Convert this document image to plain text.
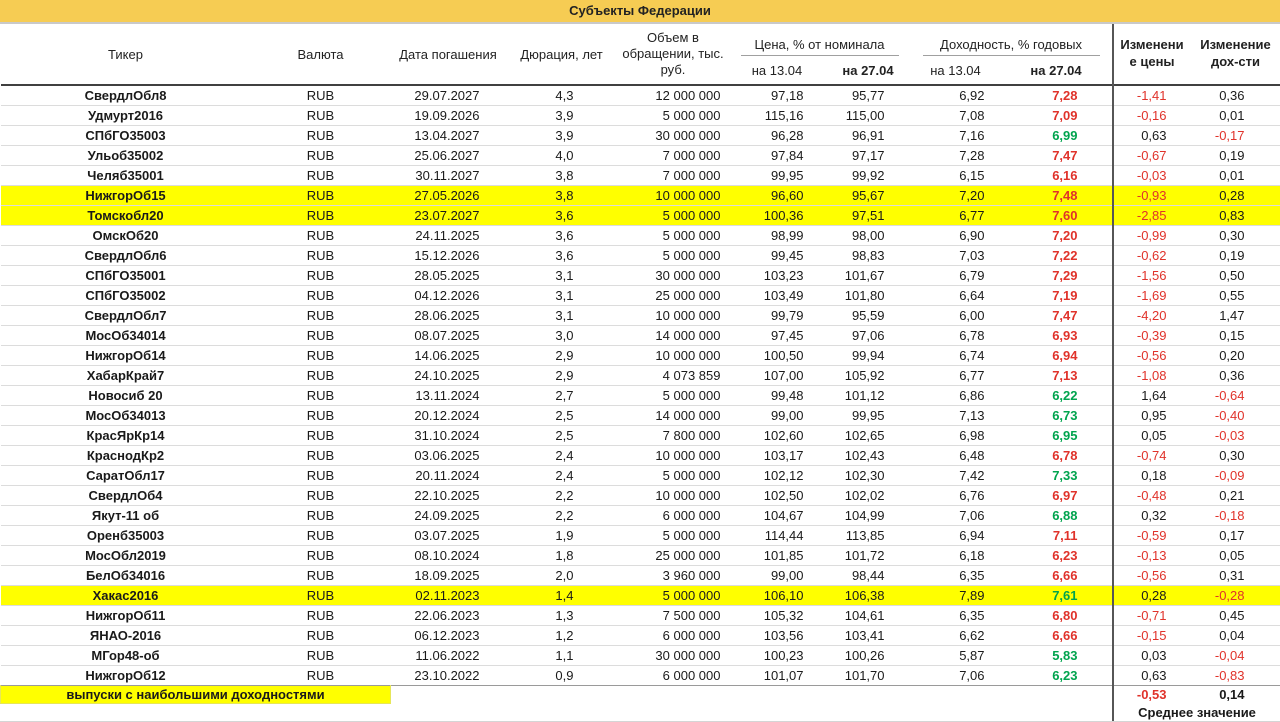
Субъекты Федерации
Тикер	Валюта	Дата погашения	Дюрация, лет	Объем в обращении, тыс. руб.	Цена, % от номинала		Доходность, % годовых		Изменение цены	Изменение дох-сти
					на 13.04	на 27.04	на 13.04	на 27.04		
СвердлОбл8	RUB	29.07.2027	4,3	12 000 000	97,18	95,77	6,92	7,28	-1,41	0,36
Удмурт2016	RUB	19.09.2026	3,9	5 000 000	115,16	115,00	7,08	7,09	-0,16	0,01
СПбГО35003	RUB	13.04.2027	3,9	30 000 000	96,28	96,91	7,16	6,99	0,63	-0,17
Ульоб35002	RUB	25.06.2027	4,0	7 000 000	97,84	97,17	7,28	7,47	-0,67	0,19
Челяб35001	RUB	30.11.2027	3,8	7 000 000	99,95	99,92	6,15	6,16	-0,03	0,01
НижгорОб15	RUB	27.05.2026	3,8	10 000 000	96,60	95,67	7,20	7,48	-0,93	0,28
Томскобл20	RUB	23.07.2027	3,6	5 000 000	100,36	97,51	6,77	7,60	-2,85	0,83
ОмскОб20	RUB	24.11.2025	3,6	5 000 000	98,99	98,00	6,90	7,20	-0,99	0,30
СвердлОбл6	RUB	15.12.2026	3,6	5 000 000	99,45	98,83	7,03	7,22	-0,62	0,19
СПбГО35001	RUB	28.05.2025	3,1	30 000 000	103,23	101,67	6,79	7,29	-1,56	0,50
СПбГО35002	RUB	04.12.2026	3,1	25 000 000	103,49	101,80	6,64	7,19	-1,69	0,55
СвердлОбл7	RUB	28.06.2025	3,1	10 000 000	99,79	95,59	6,00	7,47	-4,20	1,47
МосОб34014	RUB	08.07.2025	3,0	14 000 000	97,45	97,06	6,78	6,93	-0,39	0,15
НижгорОб14	RUB	14.06.2025	2,9	10 000 000	100,50	99,94	6,74	6,94	-0,56	0,20
ХабарКрай7	RUB	24.10.2025	2,9	4 073 859	107,00	105,92	6,77	7,13	-1,08	0,36
Новосиб 20	RUB	13.11.2024	2,7	5 000 000	99,48	101,12	6,86	6,22	1,64	-0,64
МосОб34013	RUB	20.12.2024	2,5	14 000 000	99,00	99,95	7,13	6,73	0,95	-0,40
КрасЯрКр14	RUB	31.10.2024	2,5	7 800 000	102,60	102,65	6,98	6,95	0,05	-0,03
КраснодКр2	RUB	03.06.2025	2,4	10 000 000	103,17	102,43	6,48	6,78	-0,74	0,30
СаратОбл17	RUB	20.11.2024	2,4	5 000 000	102,12	102,30	7,42	7,33	0,18	-0,09
СвердлОб4	RUB	22.10.2025	2,2	10 000 000	102,50	102,02	6,76	6,97	-0,48	0,21
Якут-11 об	RUB	24.09.2025	2,2	6 000 000	104,67	104,99	7,06	6,88	0,32	-0,18
Оренб35003	RUB	03.07.2025	1,9	5 000 000	114,44	113,85	6,94	7,11	-0,59	0,17
МосОбл2019	RUB	08.10.2024	1,8	25 000 000	101,85	101,72	6,18	6,23	-0,13	0,05
БелОб34016	RUB	18.09.2025	2,0	3 960 000	99,00	98,44	6,35	6,66	-0,56	0,31
Хакас2016	RUB	02.11.2023	1,4	5 000 000	106,10	106,38	7,89	7,61	0,28	-0,28
НижгорОб11	RUB	22.06.2023	1,3	7 500 000	105,32	104,61	6,35	6,80	-0,71	0,45
ЯНАО-2016	RUB	06.12.2023	1,2	6 000 000	103,56	103,41	6,62	6,66	-0,15	0,04
МГор48-об	RUB	11.06.2022	1,1	30 000 000	100,23	100,26	5,87	5,83	0,03	-0,04
НижгорОб12	RUB	23.10.2022	0,9	6 000 000	101,07	101,70	7,06	6,23	0,63	-0,83
выпуски с наибольшими доходностями									-0,53	0,14
									Среднее значение	
